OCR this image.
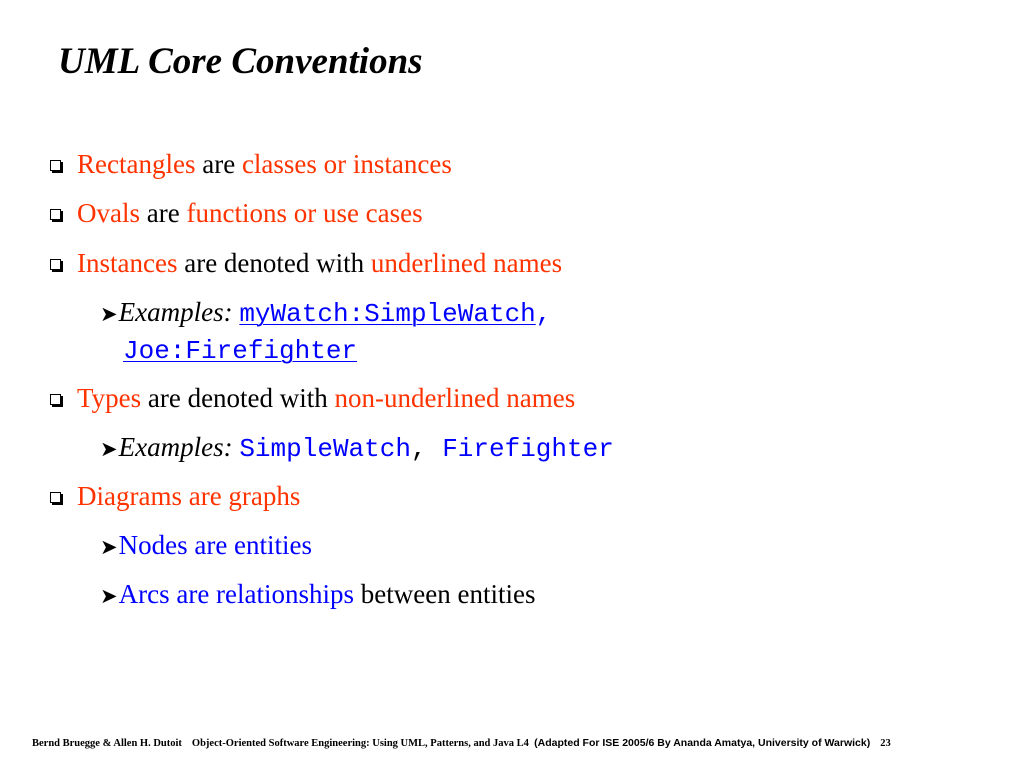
UML Core Conventions
Rectangles are classes or instances
Ovals are functions or use cases
Instances are denoted with underlined names
➤Examples: myWatch:SimpleWatch,
Joe:Firefighter
Types are denoted with non-underlined names
➤Examples: SimpleWatch, Firefighter
Diagrams are graphs
➤Nodes are entities
➤Arcs are relationships between entities
Bernd Bruegge & Allen H. Dutoit Object-Oriented Software Engineering: Using UML, Patterns, and Java L4 (Adapted For ISE 2005/6 By Ananda Amatya, University of Warwick) 23
